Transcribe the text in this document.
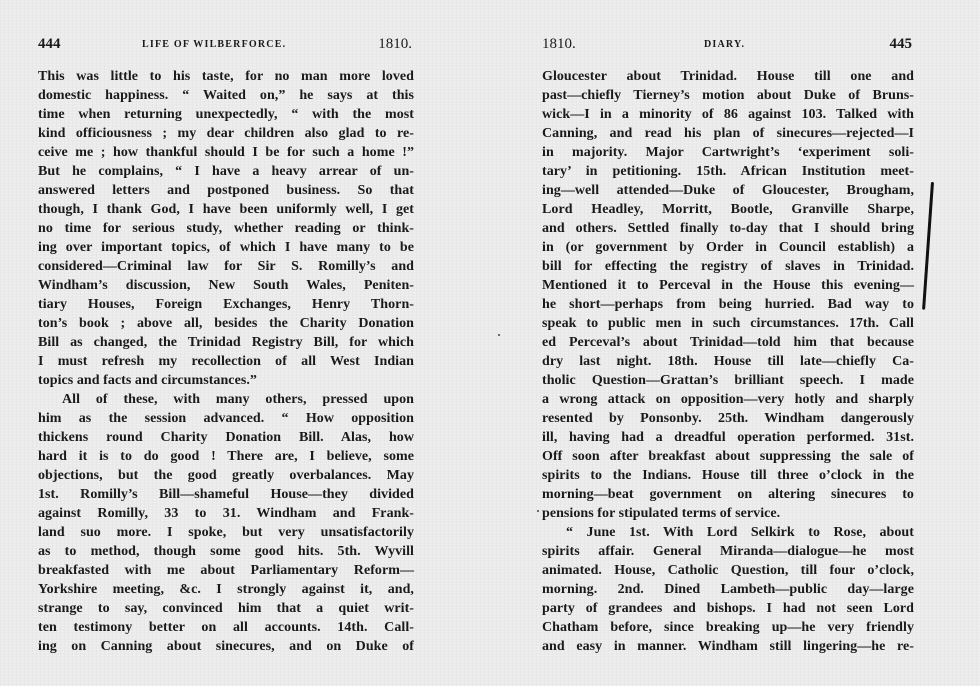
444	LIFE OF WILBERFORCE.	1810.
This was little to his taste, for no man more loved
domestic happiness. “ Waited on,” he says at this
time when returning unexpectedly, “ with the most
kind officiousness ; my dear children also glad to re-
ceive me ; how thankful should I be for such a home !”
But he complains, “ I have a heavy arrear of un-
answered letters and postponed business. So that
though, I thank God, I have been uniformly well, I get
no time for serious study, whether reading or think-
ing over important topics, of which I have many to be
considered—Criminal law for Sir S. Romilly’s and
Windham’s discussion, New South Wales, Peniten-
tiary Houses, Foreign Exchanges, Henry Thorn-
ton’s book ; above all, besides the Charity Donation
Bill as changed, the Trinidad Registry Bill, for which
I must refresh my recollection of all West Indian
topics and facts and circumstances.”
All of these, with many others, pressed upon
him as the session advanced. “ How opposition
thickens round Charity Donation Bill. Alas, how
hard it is to do good ! There are, I believe, some
objections, but the good greatly overbalances. May
1st. Romilly’s Bill—shameful House—they divided
against Romilly, 33 to 31. Windham and Frank-
land suo more. I spoke, but very unsatisfactorily
as to method, though some good hits. 5th. Wyvill
breakfasted with me about Parliamentary Reform—
Yorkshire meeting, &c. I strongly against it, and,
strange to say, convinced him that a quiet writ-
ten testimony better on all accounts. 14th. Call-
ing on Canning about sinecures, and on Duke of
1810.	DIARY.	445
Gloucester about Trinidad. House till one and
past—chiefly Tierney’s motion about Duke of Bruns-
wick—I in a minority of 86 against 103. Talked with
Canning, and read his plan of sinecures—rejected—I
in majority. Major Cartwright’s ‘experiment soli-
tary’ in petitioning. 15th. African Institution meet-
ing—well attended—Duke of Gloucester, Brougham,
Lord Headley, Morritt, Bootle, Granville Sharpe,
and others. Settled finally to-day that I should bring
in (or government by Order in Council establish) a
bill for effecting the registry of slaves in Trinidad.
Mentioned it to Perceval in the House this evening—
he short—perhaps from being hurried. Bad way to
speak to public men in such circumstances. 17th. Call
ed Perceval’s about Trinidad—told him that because
dry last night. 18th. House till late—chiefly Ca-
tholic Question—Grattan’s brilliant speech. I made
a wrong attack on opposition—very hotly and sharply
resented by Ponsonby. 25th. Windham dangerously
ill, having had a dreadful operation performed. 31st.
Off soon after breakfast about suppressing the sale of
spirits to the Indians. House till three o’clock in the
morning—beat government on altering sinecures to
pensions for stipulated terms of service.
“ June 1st. With Lord Selkirk to Rose, about
spirits affair. General Miranda—dialogue—he most
animated. House, Catholic Question, till four o’clock,
morning. 2nd. Dined Lambeth—public day—large
party of grandees and bishops. I had not seen Lord
Chatham before, since breaking up—he very friendly
and easy in manner. Windham still lingering—he re-
